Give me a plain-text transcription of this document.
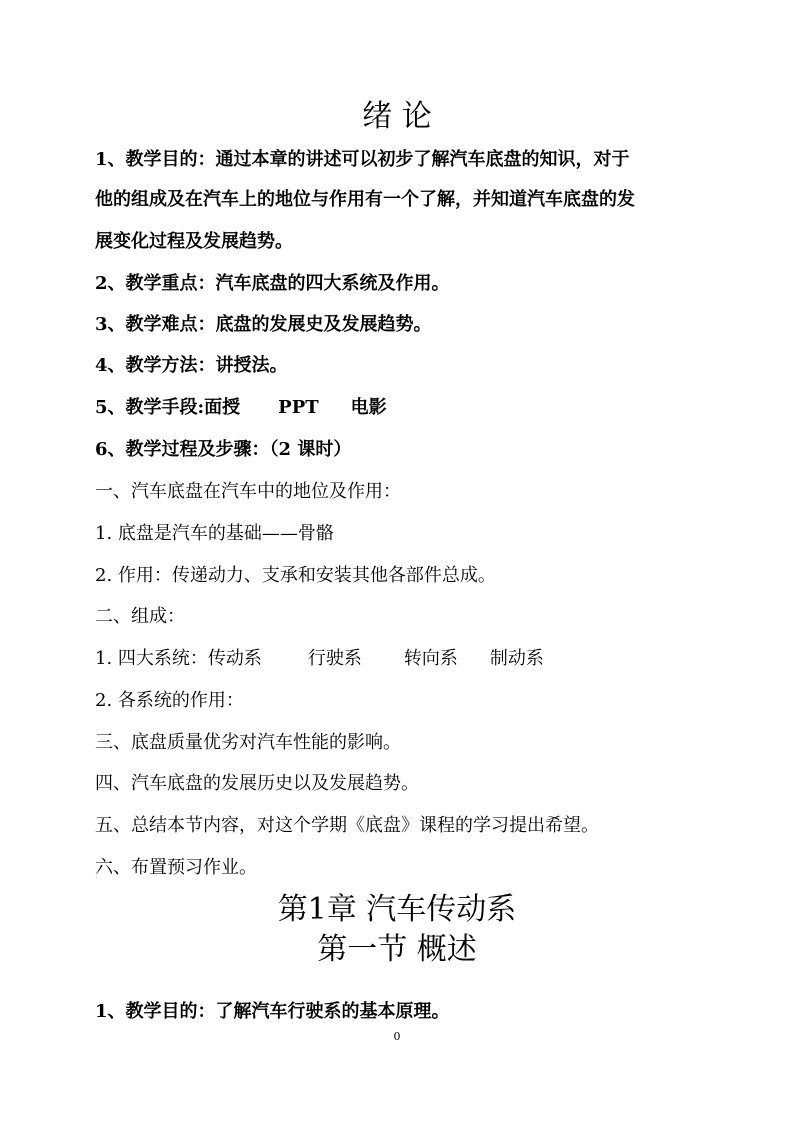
绪 论
1、教学目的：通过本章的讲述可以初步了解汽车底盘的知识，对于
他的组成及在汽车上的地位与作用有一个了解，并知道汽车底盘的发
展变化过程及发展趋势。
2、教学重点：汽车底盘的四大系统及作用。
3、教学难点：底盘的发展史及发展趋势。
4、教学方法：讲授法。
5、教学手段:面授 PPT 电影
6、教学过程及步骤：（2 课时）
一、汽车底盘在汽车中的地位及作用：
1. 底盘是汽车的基础——骨骼
2. 作用：传递动力、支承和安装其他各部件总成。
二、组成：
1. 四大系统：传动系	行驶系 转向系 制动系
2. 各系统的作用：
三、底盘质量优劣对汽车性能的影响。
四、汽车底盘的发展历史以及发展趋势。
五、总结本节内容，对这个学期《底盘》课程的学习提出希望。
六、布置预习作业。
第1章 汽车传动系
第一节 概述
1、教学目的：了解汽车行驶系的基本原理。
0
